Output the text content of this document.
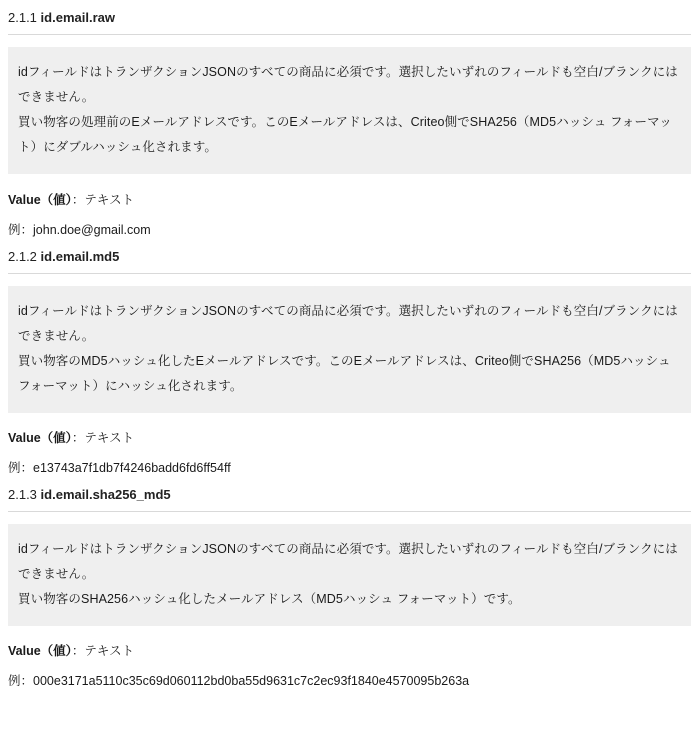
2.1.1 id.email.raw

idフィールドはトランザクションJSONのすべての商品に必須です。選択したいずれのフィールドも空白/ブランクにはできません。

買い物客の処理前のEメールアドレスです。このEメールアドレスは、Criteo側でSHA256（MD5ハッシュ フォーマット）にダブルハッシュ化されます。

Value（値）：テキスト

例：john.doe@gmail.com

2.1.2 id.email.md5

idフィールドはトランザクションJSONのすべての商品に必須です。選択したいずれのフィールドも空白/ブランクにはできません。

買い物客のMD5ハッシュ化したEメールアドレスです。このEメールアドレスは、Criteo側でSHA256（MD5ハッシュ フォーマット）にハッシュ化されます。

Value（値）：テキスト

例：e13743a7f1db7f4246badd6fd6ff54ff

2.1.3 id.email.sha256_md5

idフィールドはトランザクションJSONのすべての商品に必須です。選択したいずれのフィールドも空白/ブランクにはできません。

買い物客のSHA256ハッシュ化したメールアドレス（MD5ハッシュ フォーマット）です。

Value（値）：テキスト

例：000e3171a5110c35c69d060112bd0ba55d9631c7c2ec93f1840e4570095b263a
